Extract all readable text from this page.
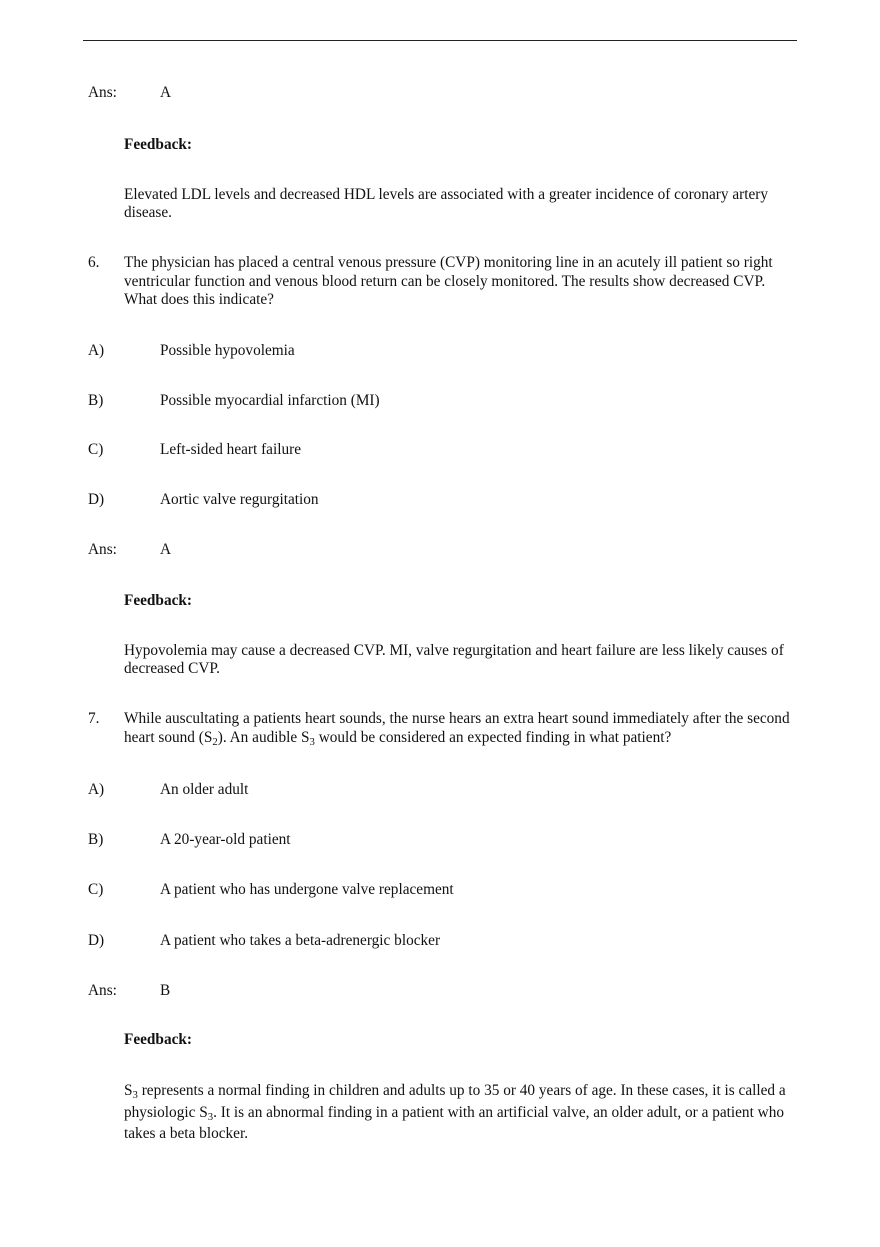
Ans:	A

Feedback:

Elevated LDL levels and decreased HDL levels are associated with a greater incidence of coronary artery disease.

6. The physician has placed a central venous pressure (CVP) monitoring line in an acutely ill patient so right ventricular function and venous blood return can be closely monitored. The results show decreased CVP. What does this indicate?

A)	Possible hypovolemia

B)	Possible myocardial infarction (MI)

C)	Left-sided heart failure

D)	Aortic valve regurgitation

Ans:	A

Feedback:

Hypovolemia may cause a decreased CVP. MI, valve regurgitation and heart failure are less likely causes of decreased CVP.

7. While auscultating a patients heart sounds, the nurse hears an extra heart sound immediately after the second heart sound $(S_2)$. An audible $S_3$ would be considered an expected finding in what patient?

A)	An older adult

B)	A 20-year-old patient

C)	A patient who has undergone valve replacement

D)	A patient who takes a beta-adrenergic blocker

Ans:	B

Feedback:

$S_3$ represents a normal finding in children and adults up to 35 or 40 years of age. In these cases, it is called a physiologic $S_3$. It is an abnormal finding in a patient with an artificial valve, an older adult, or a patient who takes a beta blocker.
